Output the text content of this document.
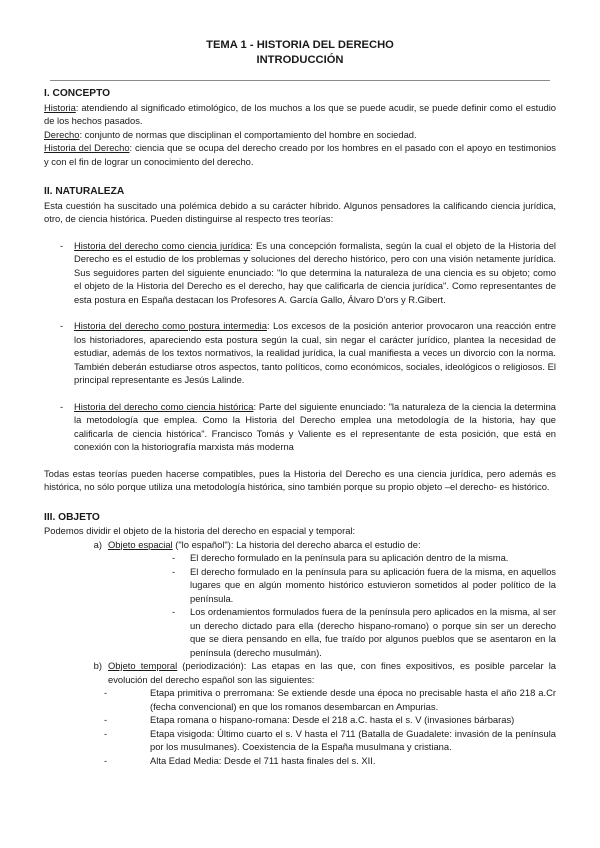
TEMA 1 - HISTORIA DEL DERECHO
INTRODUCCIÓN
I. CONCEPTO

Historia: atendiendo al significado etimológico, de los muchos a los que se puede acudir, se puede definir como el estudio de los hechos pasados.

Derecho: conjunto de normas que disciplinan el comportamiento del hombre en sociedad.

Historia del Derecho: ciencia que se ocupa del derecho creado por los hombres en el pasado con el apoyo en testimonios y con el fin de lograr un conocimiento del derecho.

II. NATURALEZA

Esta cuestión ha suscitado una polémica debido a su carácter híbrido. Algunos pensadores la calificando ciencia jurídica, otro, de ciencia histórica. Pueden distinguirse al respecto tres teorías:

-	Historia del derecho como ciencia jurídica: Es una concepción formalista, según la cual el objeto de la Historia del Derecho es el estudio de los problemas y soluciones del derecho histórico, pero con una visión netamente jurídica. Sus seguidores parten del siguiente enunciado: "lo que determina la naturaleza de una ciencia es su objeto; como el objeto de la Historia del Derecho es el derecho, hay que calificarla de ciencia jurídica". Como representantes de esta postura en España destacan los Profesores A. García Gallo, Álvaro D'ors y R.Gibert.
-	Historia del derecho como postura intermedia: Los excesos de la posición anterior provocaron una reacción entre los historiadores, apareciendo esta postura según la cual, sin negar el carácter jurídico, plantea la necesidad de estudiar, además de los textos normativos, la realidad jurídica, la cual manifiesta a veces un divorcio con la norma. También deberán estudiarse otros aspectos, tanto políticos, como económicos, sociales, ideológicos o religiosos. El principal representante es Jesús Lalinde.
-	Historia del derecho como ciencia histórica: Parte del siguiente enunciado: "la naturaleza de la ciencia la determina la metodología que emplea. Como la Historia del Derecho emplea una metodología de la historia, hay que calificarla de ciencia histórica". Francisco Tomás y Valiente es el representante de esta posición, que está en conexión con la historiografía marxista más moderna

Todas estas teorías pueden hacerse compatibles, pues la Historia del Derecho es una ciencia jurídica, pero además es histórica, no sólo porque utiliza una metodología histórica, sino también porque su propio objeto –el derecho- es histórico.

III. OBJETO

Podemos dividir el objeto de la historia del derecho en espacial y temporal:

a) Objeto espacial ("lo español"): La historia del derecho abarca el estudio de:
-	El derecho formulado en la península para su aplicación dentro de la misma.
-	El derecho formulado en la península para su aplicación fuera de la misma, en aquellos lugares que en algún momento histórico estuvieron sometidos al poder político de la península.
-	Los ordenamientos formulados fuera de la península pero aplicados en la misma, al ser un derecho dictado para ella (derecho hispano-romano) o porque sin ser un derecho que se diera pensando en ella, fue traído por algunos pueblos que se asentaron en la península (derecho musulmán).
b) Objeto temporal (periodización): Las etapas en las que, con fines expositivos, es posible parcelar la evolución del derecho español son las siguientes:
-	Etapa primitiva o prerromana: Se extiende desde una época no precisable hasta el año 218 a.Cr (fecha convencional) en que los romanos desembarcan en Ampurias.
-	Etapa romana o hispano-romana: Desde el 218 a.C. hasta el s. V (invasiones bárbaras)
-	Etapa visigoda: Último cuarto el s. V hasta el 711 (Batalla de Guadalete: invasión de la península por los musulmanes). Coexistencia de la España musulmana y cristiana.
-	Alta Edad Media: Desde el 711 hasta finales del s. XII.
